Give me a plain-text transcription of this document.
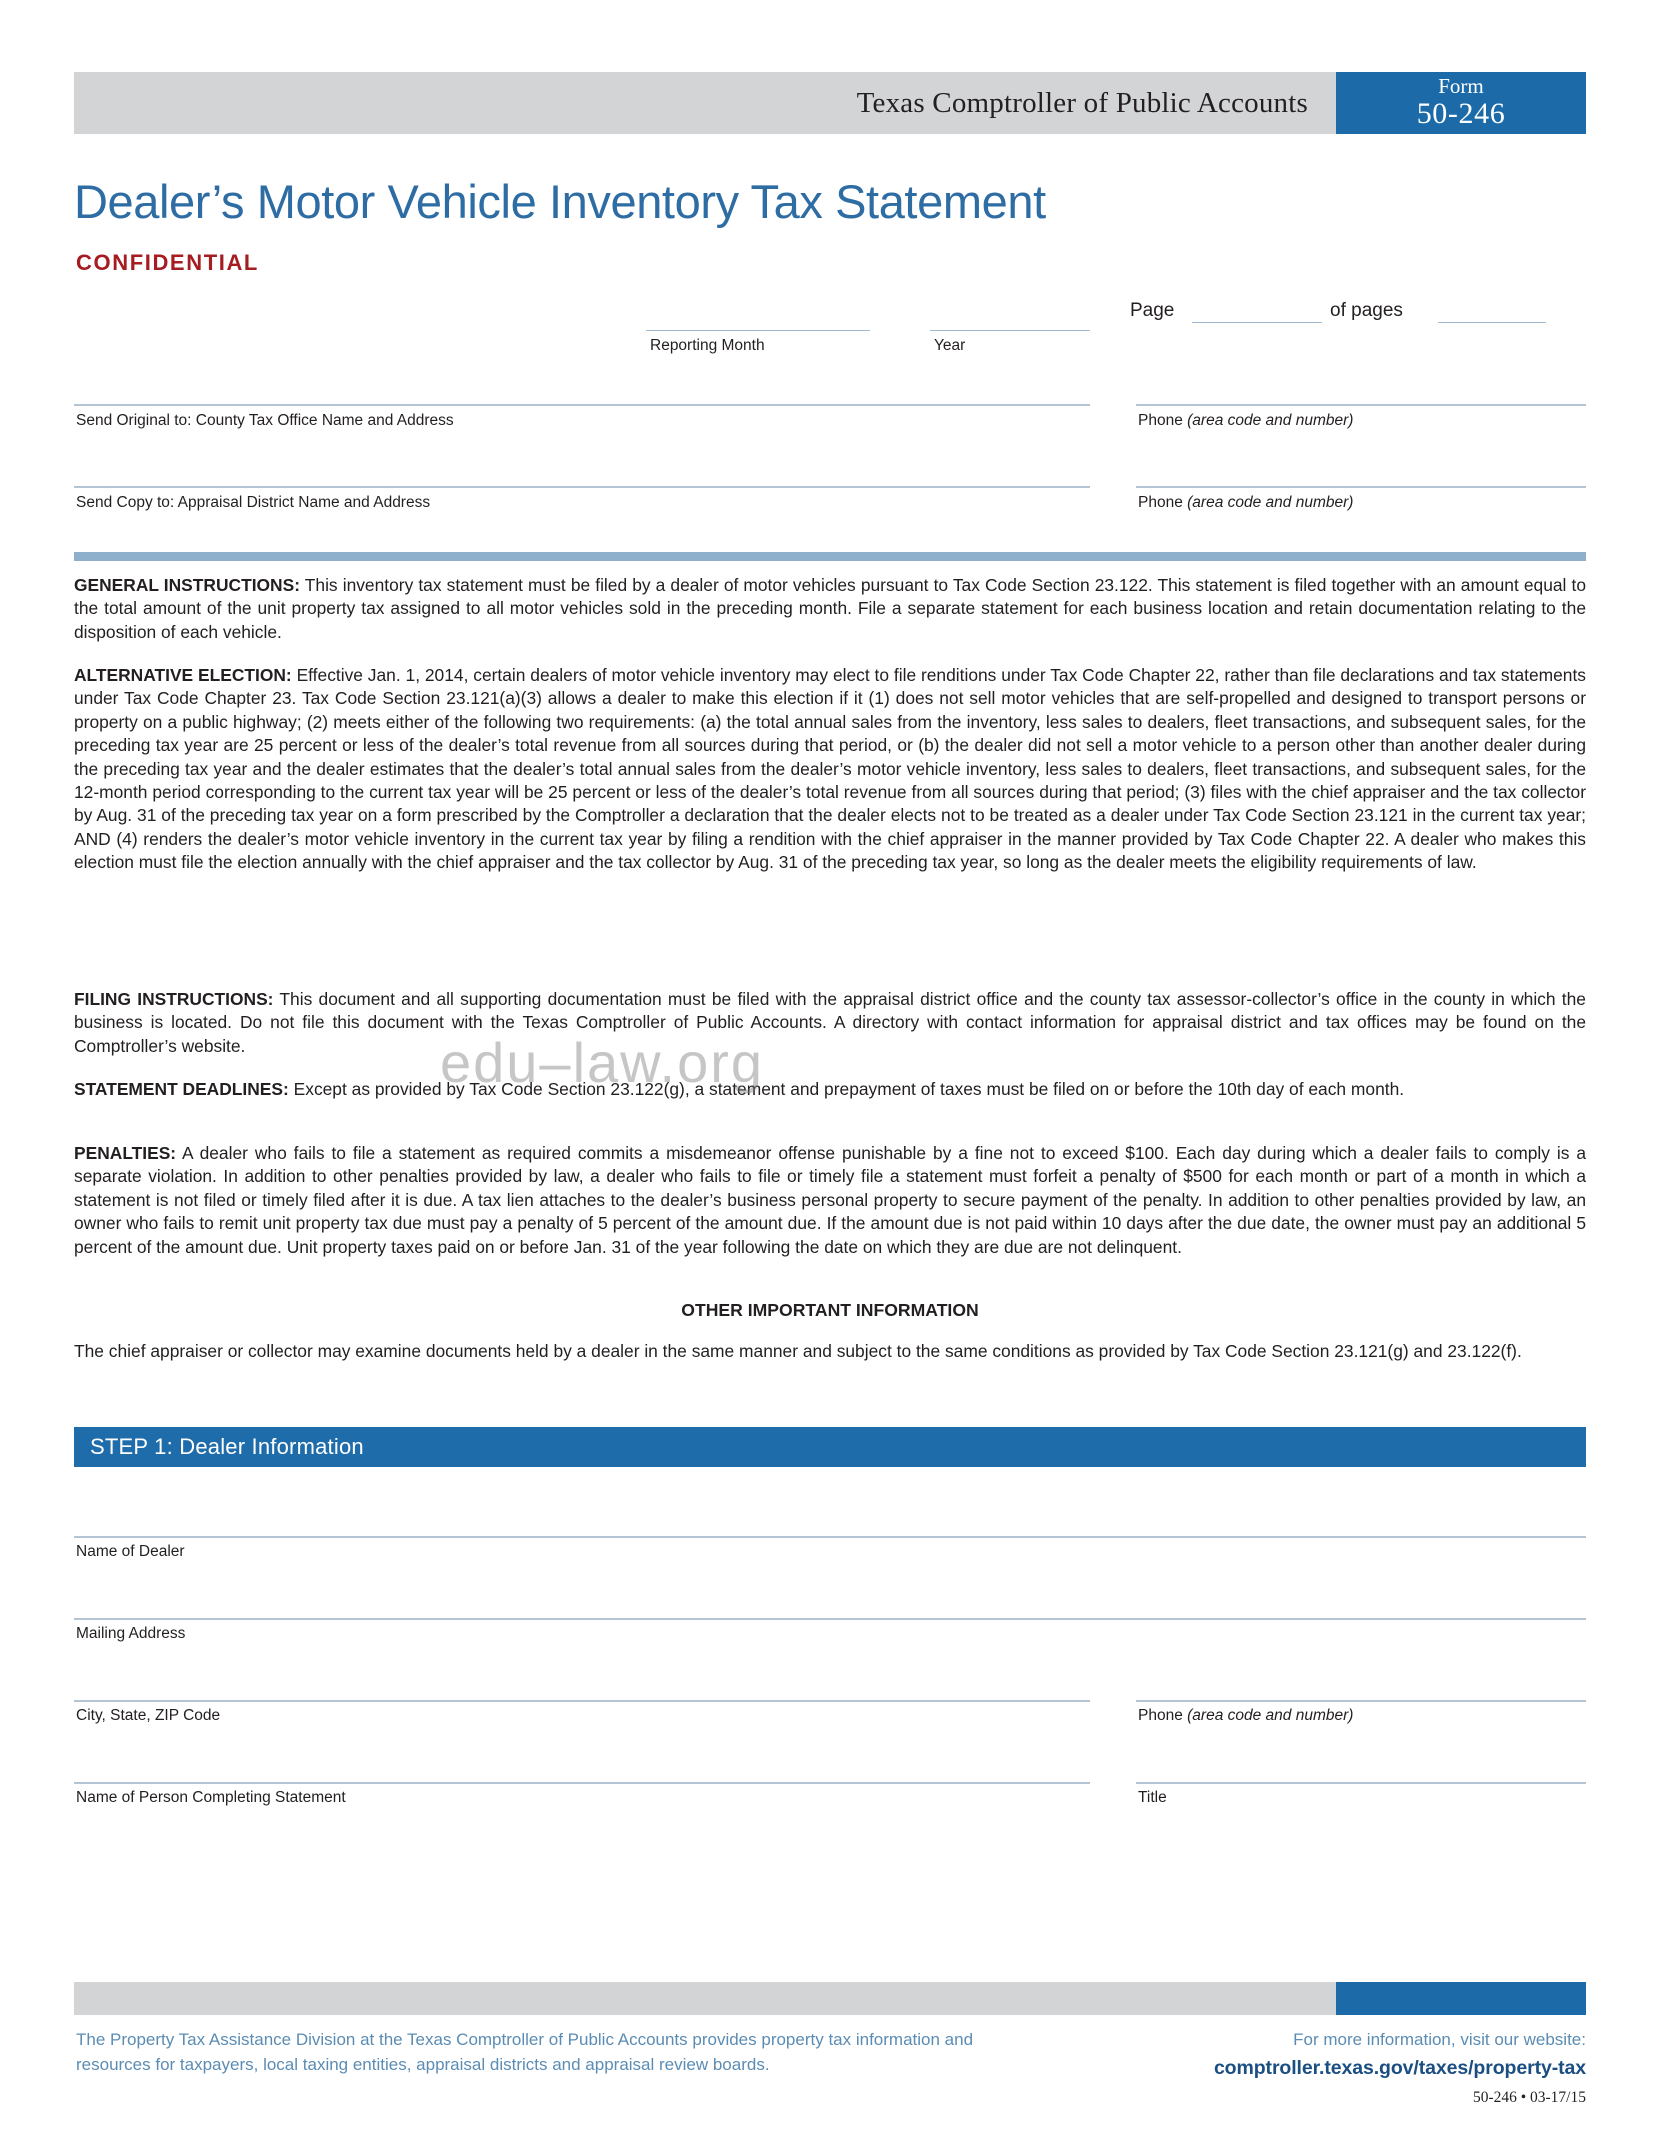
Texas Comptroller of Public Accounts
Form
50-246
Dealer’s Motor Vehicle Inventory Tax Statement
CONFIDENTIAL
Reporting Month	Year
Page	of pages
Send Original to: County Tax Office Name and Address	Phone (area code and number)
Send Copy to: Appraisal District Name and Address	Phone (area code and number)
GENERAL INSTRUCTIONS: This inventory tax statement must be filed by a dealer of motor vehicles pursuant to Tax Code Section 23.122. This statement is filed together with an amount equal to the total amount of the unit property tax assigned to all motor vehicles sold in the preceding month. File a separate statement for each business location and retain documentation relating to the disposition of each vehicle.
ALTERNATIVE ELECTION: Effective Jan. 1, 2014, certain dealers of motor vehicle inventory may elect to file renditions under Tax Code Chapter 22, rather than file declarations and tax statements under Tax Code Chapter 23. Tax Code Section 23.121(a)(3) allows a dealer to make this election if it (1) does not sell motor vehicles that are self-propelled and designed to transport persons or property on a public highway; (2) meets either of the following two requirements: (a) the total annual sales from the inventory, less sales to dealers, fleet transactions, and subsequent sales, for the preceding tax year are 25 percent or less of the dealer’s total revenue from all sources during that period, or (b) the dealer did not sell a motor vehicle to a person other than another dealer during the preceding tax year and the dealer estimates that the dealer’s total annual sales from the dealer’s motor vehicle inventory, less sales to dealers, fleet transactions, and subsequent sales, for the 12-month period corresponding to the current tax year will be 25 percent or less of the dealer’s total revenue from all sources during that period; (3) files with the chief appraiser and the tax collector by Aug. 31 of the preceding tax year on a form prescribed by the Comptroller a declaration that the dealer elects not to be treated as a dealer under Tax Code Section 23.121 in the current tax year; AND (4) renders the dealer’s motor vehicle inventory in the current tax year by filing a rendition with the chief appraiser in the manner provided by Tax Code Chapter 22. A dealer who makes this election must file the election annually with the chief appraiser and the tax collector by Aug. 31 of the preceding tax year, so long as the dealer meets the eligibility requirements of law.
FILING INSTRUCTIONS: This document and all supporting documentation must be filed with the appraisal district office and the county tax assessor-collector’s office in the county in which the business is located. Do not file this document with the Texas Comptroller of Public Accounts. A directory with contact information for appraisal district and tax offices may be found on the Comptroller’s website.
STATEMENT DEADLINES: Except as provided by Tax Code Section 23.122(g), a statement and prepayment of taxes must be filed on or before the 10th day of each month.
PENALTIES: A dealer who fails to file a statement as required commits a misdemeanor offense punishable by a fine not to exceed $100. Each day during which a dealer fails to comply is a separate violation. In addition to other penalties provided by law, a dealer who fails to file or timely file a statement must forfeit a penalty of $500 for each month or part of a month in which a statement is not filed or timely filed after it is due. A tax lien attaches to the dealer’s business personal property to secure payment of the penalty. In addition to other penalties provided by law, an owner who fails to remit unit property tax due must pay a penalty of 5 percent of the amount due. If the amount due is not paid within 10 days after the due date, the owner must pay an additional 5 percent of the amount due. Unit property taxes paid on or before Jan. 31 of the year following the date on which they are due are not delinquent.
OTHER IMPORTANT INFORMATION
The chief appraiser or collector may examine documents held by a dealer in the same manner and subject to the same conditions as provided by Tax Code Section 23.121(g) and 23.122(f).
STEP 1: Dealer Information
Name of Dealer
Mailing Address
City, State, ZIP Code	Phone (area code and number)
Name of Person Completing Statement	Title
edu–law.org
The Property Tax Assistance Division at the Texas Comptroller of Public Accounts provides property tax information and resources for taxpayers, local taxing entities, appraisal districts and appraisal review boards.
For more information, visit our website:
comptroller.texas.gov/taxes/property-tax
50-246 • 03-17/15
